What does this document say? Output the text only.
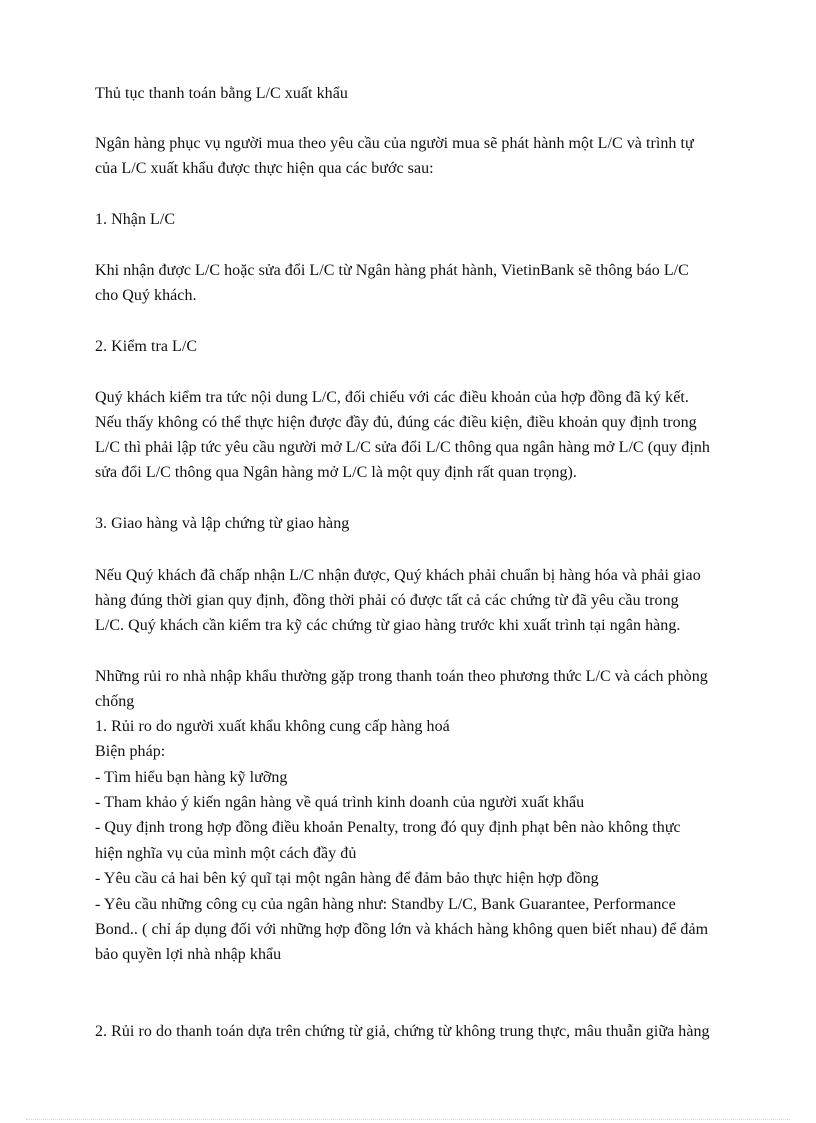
Thủ tục thanh toán bằng L/C xuất khẩu
Ngân hàng phục vụ người mua theo yêu cầu của người mua sẽ phát hành một L/C và trình tự
của L/C xuất khẩu được thực hiện qua các bước sau:
1. Nhận L/C
Khi nhận được L/C hoặc sửa đổi L/C từ Ngân hàng phát hành, VietinBank sẽ thông báo L/C
cho Quý khách.
2. Kiểm tra L/C
Quý khách kiểm tra tức nội dung L/C, đối chiếu với các điều khoản của hợp đồng đã ký kết.
Nếu thấy không có thể thực hiện được đầy đủ, đúng các điều kiện, điều khoản quy định trong
L/C thì phải lập tức yêu cầu người mở L/C sửa đổi L/C thông qua ngân hàng mở L/C (quy định
sửa đổi L/C thông qua Ngân hàng mở L/C là một quy định rất quan trọng).
3. Giao hàng và lập chứng từ giao hàng
Nếu Quý khách đã chấp nhận L/C nhận được, Quý khách phải chuẩn bị hàng hóa và phải giao
hàng đúng thời gian quy định, đồng thời phải có được tất cả các chứng từ đã yêu cầu trong
L/C. Quý khách cần kiểm tra kỹ các chứng từ giao hàng trước khi xuất trình tại ngân hàng.
Những rủi ro nhà nhập khẩu thường gặp trong thanh toán theo phương thức L/C và cách phòng
chống
1. Rủi ro do người xuất khẩu không cung cấp hàng hoá
Biện pháp:
- Tìm hiểu bạn hàng kỹ lưỡng
- Tham khảo ý kiến ngân hàng về quá trình kinh doanh của người xuất khẩu
- Quy định trong hợp đồng điều khoản Penalty, trong đó quy định phạt bên nào không thực
hiện nghĩa vụ của mình một cách đầy đủ
- Yêu cầu cả hai bên ký quĩ tại một ngân hàng để đảm bảo thực hiện hợp đồng
- Yêu cầu những công cụ của ngân hàng như: Standby L/C, Bank Guarantee, Performance
Bond.. ( chỉ áp dụng đối với những hợp đồng lớn và khách hàng không quen biết nhau) để đảm
bảo quyền lợi nhà nhập khẩu
2. Rủi ro do thanh toán dựa trên chứng từ giả, chứng từ không trung thực, mâu thuẫn giữa hàng
